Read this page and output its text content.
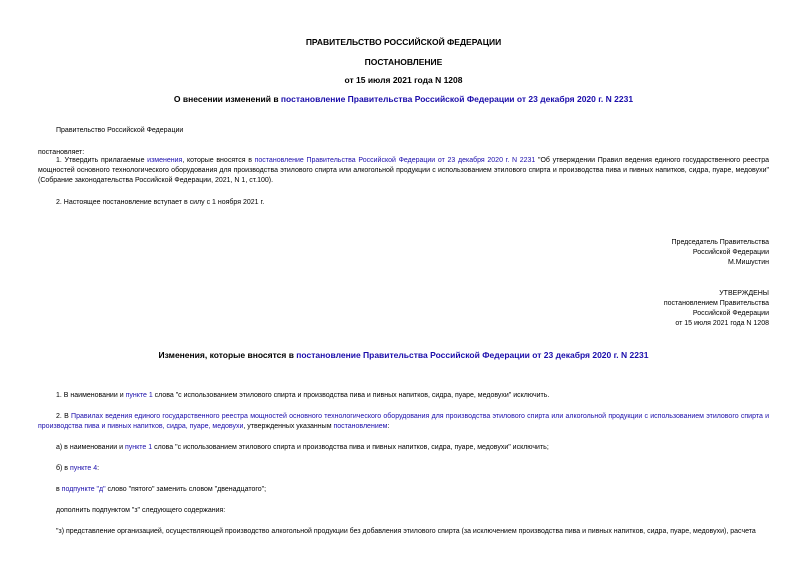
ПРАВИТЕЛЬСТВО РОССИЙСКОЙ ФЕДЕРАЦИИ
ПОСТАНОВЛЕНИЕ
от 15 июля 2021 года N 1208
О внесении изменений в постановление Правительства Российской Федерации от 23 декабря 2020 г. N 2231
Правительство Российской Федерации
постановляет:
1. Утвердить прилагаемые изменения, которые вносятся в постановление Правительства Российской Федерации от 23 декабря 2020 г. N 2231 "Об утверждении Правил ведения единого государственного реестра мощностей основного технологического оборудования для производства этилового спирта или алкогольной продукции с использованием этилового спирта и производства пива и пивных напитков, сидра, пуаре, медовухи" (Собрание законодательства Российской Федерации, 2021, N 1, ст.100).
2. Настоящее постановление вступает в силу с 1 ноября 2021 г.
Председатель Правительства
Российской Федерации
М.Мишустин
УТВЕРЖДЕНЫ
постановлением Правительства
Российской Федерации
от 15 июля 2021 года N 1208
Изменения, которые вносятся в постановление Правительства Российской Федерации от 23 декабря 2020 г. N 2231
1. В наименовании и пункте 1 слова "с использованием этилового спирта и производства пива и пивных напитков, сидра, пуаре, медовухи" исключить.
2. В Правилах ведения единого государственного реестра мощностей основного технологического оборудования для производства этилового спирта или алкогольной продукции с использованием этилового спирта и производства пива и пивных напитков, сидра, пуаре, медовухи, утвержденных указанным постановлением:
а) в наименовании и пункте 1 слова "с использованием этилового спирта и производства пива и пивных напитков, сидра, пуаре, медовухи" исключить;
б) в пункте 4:
в подпункте "д" слово "пятого" заменить словом "двенадцатого";
дополнить подпунктом "з" следующего содержания:
"з) представление организацией, осуществляющей производство алкогольной продукции без добавления этилового спирта (за исключением производства пива и пивных напитков, сидра, пуаре, медовухи), расчета
